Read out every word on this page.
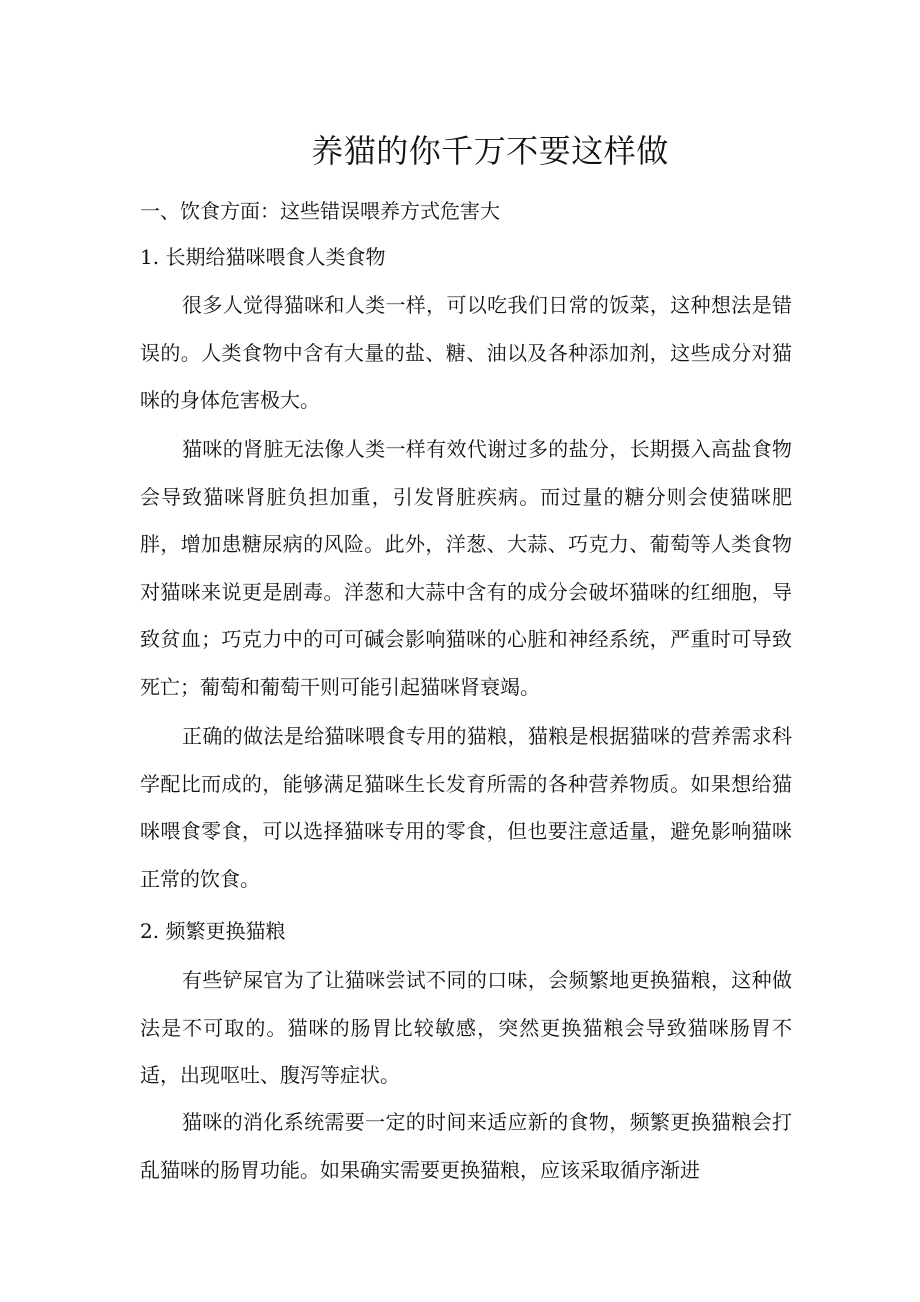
养猫的你千万不要这样做

一、饮食方面：这些错误喂养方式危害大

1. 长期给猫咪喂食人类食物

很多人觉得猫咪和人类一样，可以吃我们日常的饭菜，这种想法是错误的。人类食物中含有大量的盐、糖、油以及各种添加剂，这些成分对猫咪的身体危害极大。

猫咪的肾脏无法像人类一样有效代谢过多的盐分，长期摄入高盐食物会导致猫咪肾脏负担加重，引发肾脏疾病。而过量的糖分则会使猫咪肥胖，增加患糖尿病的风险。此外，洋葱、大蒜、巧克力、葡萄等人类食物对猫咪来说更是剧毒。洋葱和大蒜中含有的成分会破坏猫咪的红细胞，导致贫血；巧克力中的可可碱会影响猫咪的心脏和神经系统，严重时可导致死亡；葡萄和葡萄干则可能引起猫咪肾衰竭。

正确的做法是给猫咪喂食专用的猫粮，猫粮是根据猫咪的营养需求科学配比而成的，能够满足猫咪生长发育所需的各种营养物质。如果想给猫咪喂食零食，可以选择猫咪专用的零食，但也要注意适量，避免影响猫咪正常的饮食。

2. 频繁更换猫粮

有些铲屎官为了让猫咪尝试不同的口味，会频繁地更换猫粮，这种做法是不可取的。猫咪的肠胃比较敏感，突然更换猫粮会导致猫咪肠胃不适，出现呕吐、腹泻等症状。

猫咪的消化系统需要一定的时间来适应新的食物，频繁更换猫粮会打乱猫咪的肠胃功能。如果确实需要更换猫粮，应该采取循序渐进
